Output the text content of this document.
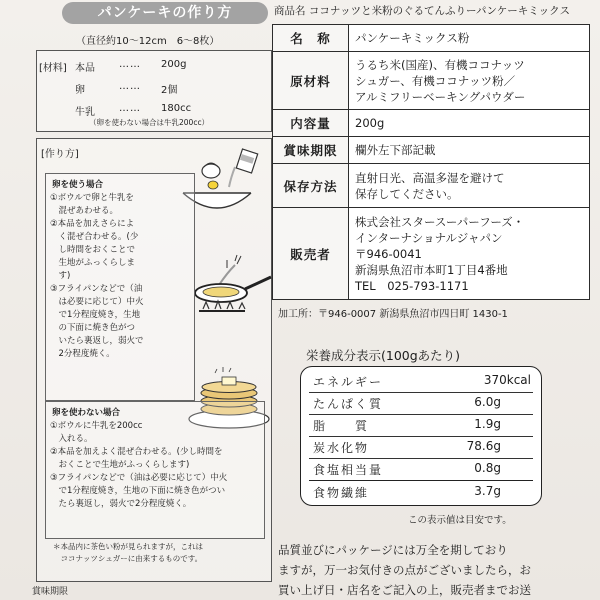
パンケーキの作り方
（直径約10～12cm　6～8枚）
[材料] 本品 …… 200g
卵	…… 2個
牛乳 …… 180cc
（卵を使わない場合は牛乳200cc）
[作り方]
卵を使う場合
①ボウルで卵と牛乳を
　混ぜあわせる。
②本品を加えさらによ
　く混ぜ合わせる。(少
　し時間をおくことで
　生地がふっくらしま
　す)
③フライパンなどで（油
　は必要に応じて）中火
　で1分程度焼き，生地
　の下面に焼き色がつ
　いたら裏返し，弱火で
　2分程度焼く。
卵を使わない場合
①ボウルに牛乳を200cc
　入れる。
②本品を加えよく混ぜ合わせる。(少し時間を
　おくことで生地がふっくらします)
③フライパンなどで（油は必要に応じて）中火
　で1分程度焼き，生地の下面に焼き色がつい
　たら裏返し，弱火で2分程度焼く。
＊本品内に茶色い粉が見られますが，これは
　ココナッツシュガーに由来するものです。
賞味期限
商品名 ココナッツと米粉のぐるてんふりーパンケーキミックス
名　称	パンケーキミックス粉

原材料	うるち米(国産)、有機ココナッツ
シュガー、有機ココナッツ粉／
アルミフリーベーキングパウダー

内容量	200g

賞味期限	欄外左下部記載

保存方法	直射日光、高温多湿を避けて
保存してください。

販売者	株式会社スタースーパーフーズ・
インターナショナルジャパン
〒946-0041
新潟県魚沼市本町1丁目4番地
TEL　025-793-1171
加工所：〒946-0007 新潟県魚沼市四日町 1430-1
栄養成分表示(100gあたり)
エネルギー	370kcal
たんぱく質	6.0g
脂　　質	1.9g
炭水化物	78.6g
食塩相当量	0.8g
食物繊維	3.7g
この表示値は目安です。
品質並びにパッケージには万全を期しており
ますが，万一お気付きの点がございましたら，お
買い上げ日・店名をご記入の上，販売者までお送
